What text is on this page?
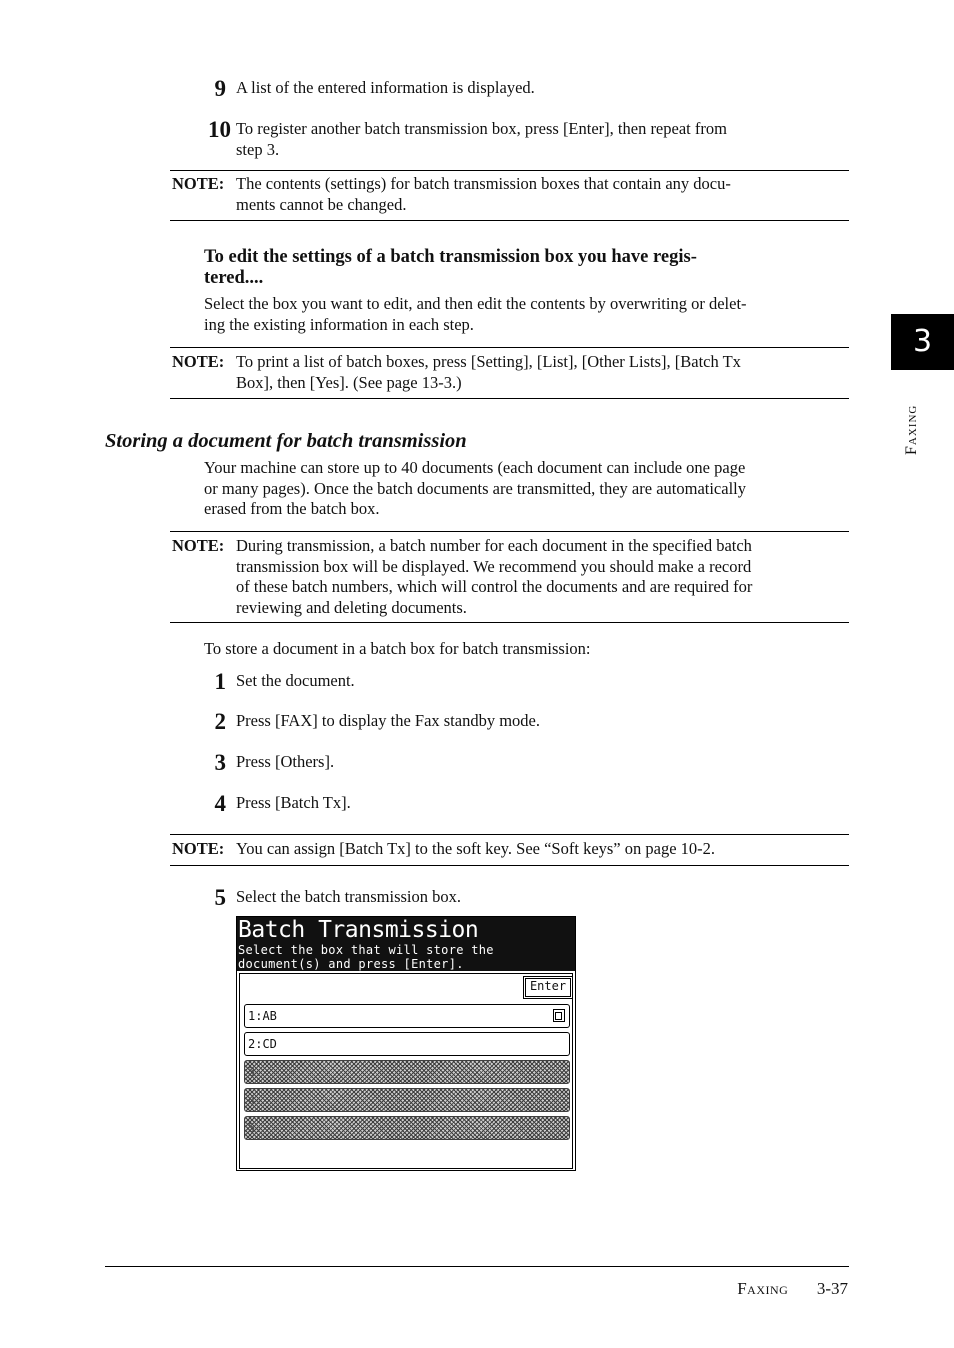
3
Faxing
9 A list of the entered information is displayed.
10 To register another batch transmission box, press [Enter], then repeat from
step 3.
NOTE: The contents (settings) for batch transmission boxes that contain any docu-
ments cannot be changed.
To edit the settings of a batch transmission box you have regis-
tered....
Select the box you want to edit, and then edit the contents by overwriting or delet-
ing the existing information in each step.
NOTE: To print a list of batch boxes, press [Setting], [List], [Other Lists], [Batch Tx
Box], then [Yes]. (See page 13-3.)
Storing a document for batch transmission
Your machine can store up to 40 documents (each document can include one page
or many pages). Once the batch documents are transmitted, they are automatically
erased from the batch box.
NOTE: During transmission, a batch number for each document in the specified batch
transmission box will be displayed. We recommend you should make a record
of these batch numbers, which will control the documents and are required for
reviewing and deleting documents.
To store a document in a batch box for batch transmission:
1 Set the document.
2 Press [FAX] to display the Fax standby mode.
3 Press [Others].
4 Press [Batch Tx].
NOTE: You can assign [Batch Tx] to the soft key. See “Soft keys” on page 10-2.
5 Select the batch transmission box.
Batch Transmission
Select the box that will store the
document(s) and press [Enter].
Enter
1:AB
2:CD
3:
4:
5:
Faxing 3-37
